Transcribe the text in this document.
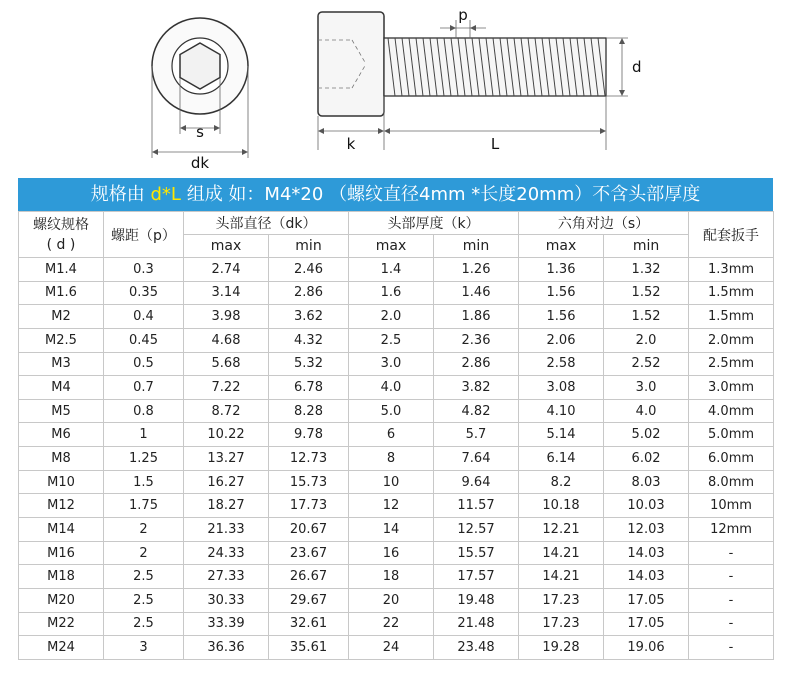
s
dk
p
d
k	L
规格由 d*L 组成 如：M4*20 （螺纹直径4mm *长度20mm）不含头部厚度
螺纹规格
( d )	螺距（p）	头部直径（dk）		头部厚度（k）		六角对边（s）		配套扳手
		max	min	max	min	max	min	
M1.4	0.3	2.74	2.46	1.4	1.26	1.36	1.32	1.3mm
M1.6	0.35	3.14	2.86	1.6	1.46	1.56	1.52	1.5mm
M2	0.4	3.98	3.62	2.0	1.86	1.56	1.52	1.5mm
M2.5	0.45	4.68	4.32	2.5	2.36	2.06	2.0	2.0mm
M3	0.5	5.68	5.32	3.0	2.86	2.58	2.52	2.5mm
M4	0.7	7.22	6.78	4.0	3.82	3.08	3.0	3.0mm
M5	0.8	8.72	8.28	5.0	4.82	4.10	4.0	4.0mm
M6	1	10.22	9.78	6	5.7	5.14	5.02	5.0mm
M8	1.25	13.27	12.73	8	7.64	6.14	6.02	6.0mm
M10	1.5	16.27	15.73	10	9.64	8.2	8.03	8.0mm
M12	1.75	18.27	17.73	12	11.57	10.18	10.03	10mm
M14	2	21.33	20.67	14	12.57	12.21	12.03	12mm
M16	2	24.33	23.67	16	15.57	14.21	14.03	-
M18	2.5	27.33	26.67	18	17.57	14.21	14.03	-
M20	2.5	30.33	29.67	20	19.48	17.23	17.05	-
M22	2.5	33.39	32.61	22	21.48	17.23	17.05	-
M24	3	36.36	35.61	24	23.48	19.28	19.06	-
